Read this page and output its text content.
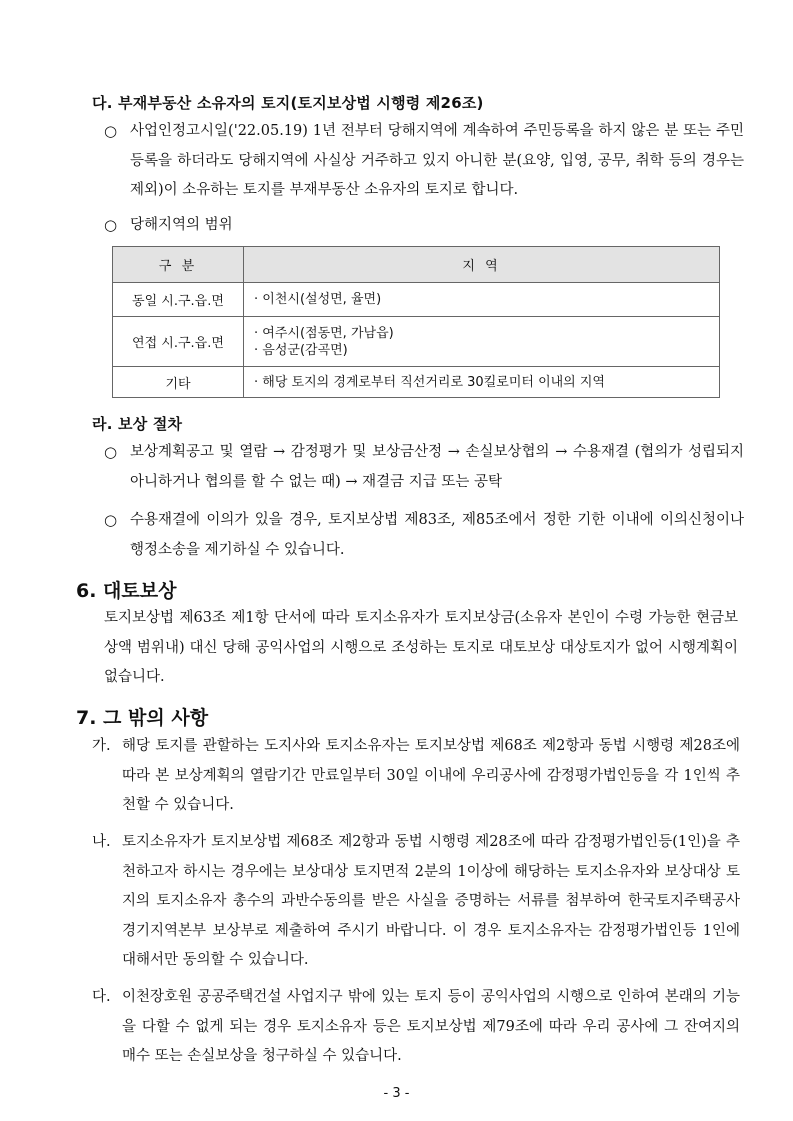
다. 부재부동산 소유자의 토지(토지보상법 시행령 제26조)
○ 사업인정고시일('22.05.19) 1년 전부터 당해지역에 계속하여 주민등록을 하지 않은 분 또는 주민등록을 하더라도 당해지역에 사실상 거주하고 있지 아니한 분(요양, 입영, 공무, 취학 등의 경우는 제외)이 소유하는 토지를 부재부동산 소유자의 토지로 합니다.
○ 당해지역의 범위
구 분	지 역
동일 시.구.읍.면	· 이천시(설성면, 율면)

연접 시.구.읍.면	· 여주시(점동면, 가남읍)
· 음성군(감곡면)

기타	· 해당 토지의 경계로부터 직선거리로 30킬로미터 이내의 지역
라. 보상 절차
○ 보상계획공고 및 열람 → 감정평가 및 보상금산정 → 손실보상협의 → 수용재결 (협의가 성립되지 아니하거나 협의를 할 수 없는 때) → 재결금 지급 또는 공탁
○ 수용재결에 이의가 있을 경우, 토지보상법 제83조, 제85조에서 정한 기한 이내에 이의신청이나 행정소송을 제기하실 수 있습니다.
6. 대토보상
토지보상법 제63조 제1항 단서에 따라 토지소유자가 토지보상금(소유자 본인이 수령 가능한 현금보상액 범위내) 대신 당해 공익사업의 시행으로 조성하는 토지로 대토보상 대상토지가 없어 시행계획이 없습니다.
7. 그 밖의 사항
가. 해당 토지를 관할하는 도지사와 토지소유자는 토지보상법 제68조 제2항과 동법 시행령 제28조에 따라 본 보상계획의 열람기간 만료일부터 30일 이내에 우리공사에 감정평가법인등을 각 1인씩 추천할 수 있습니다.
나. 토지소유자가 토지보상법 제68조 제2항과 동법 시행령 제28조에 따라 감정평가법인등(1인)을 추천하고자 하시는 경우에는 보상대상 토지면적 2분의 1이상에 해당하는 토지소유자와 보상대상 토지의 토지소유자 총수의 과반수동의를 받은 사실을 증명하는 서류를 첨부하여 한국토지주택공사 경기지역본부 보상부로 제출하여 주시기 바랍니다. 이 경우 토지소유자는 감정평가법인등 1인에 대해서만 동의할 수 있습니다.
다. 이천장호원 공공주택건설 사업지구 밖에 있는 토지 등이 공익사업의 시행으로 인하여 본래의 기능을 다할 수 없게 되는 경우 토지소유자 등은 토지보상법 제79조에 따라 우리 공사에 그 잔여지의 매수 또는 손실보상을 청구하실 수 있습니다.
- 3 -
